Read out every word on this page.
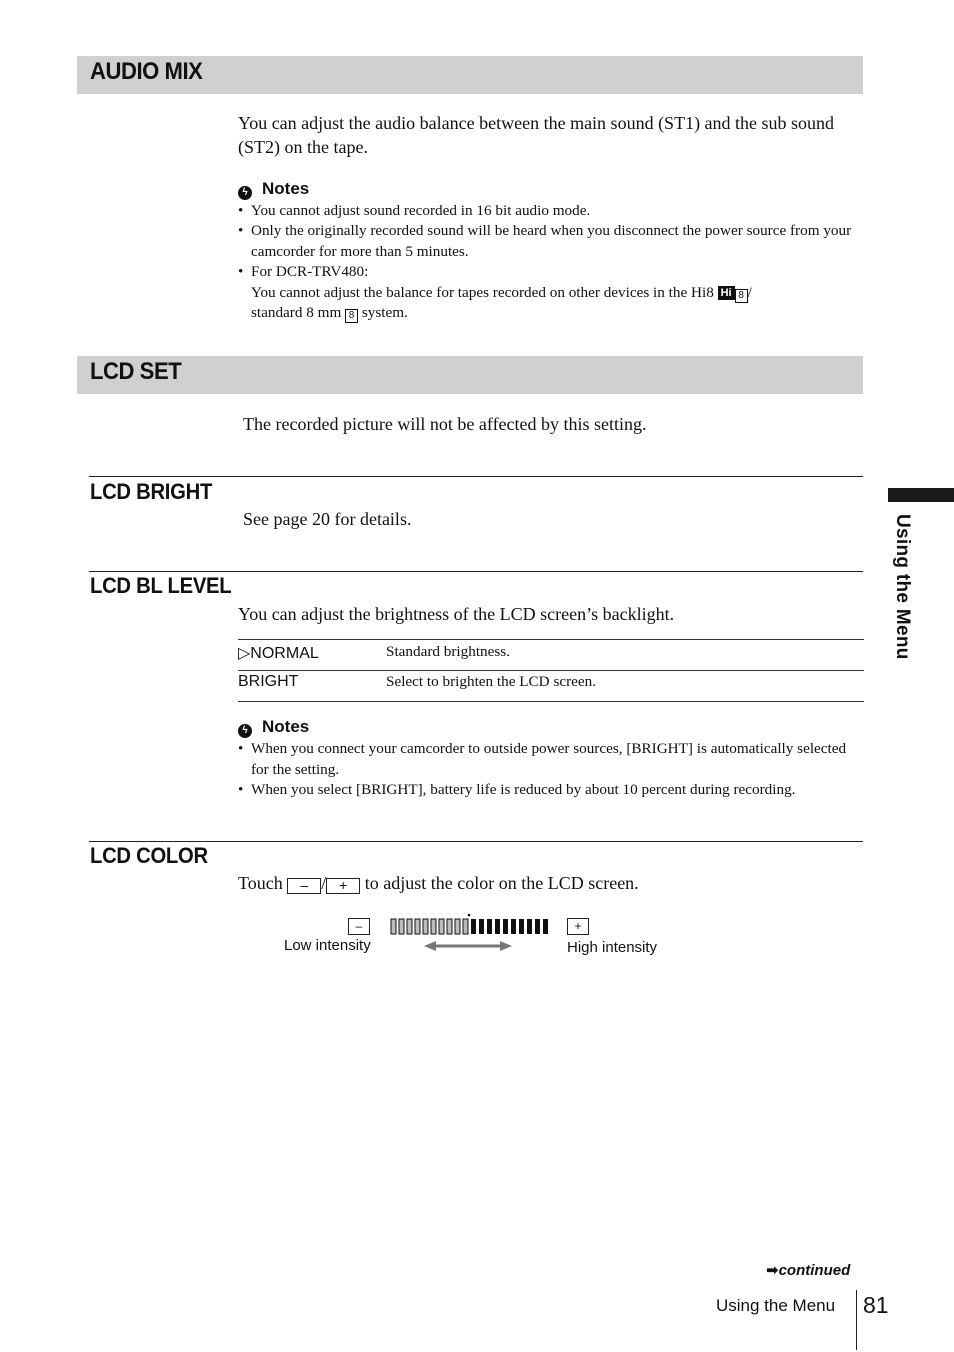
AUDIO MIX
You can adjust the audio balance between the main sound (ST1) and the sub sound (ST2) on the tape.
ϟ Notes
• You cannot adjust sound recorded in 16 bit audio mode.
• Only the originally recorded sound will be heard when you disconnect the power source from your camcorder for more than 5 minutes.
• For DCR-TRV480:
You cannot adjust the balance for tapes recorded on other devices in the Hi8 Hi 8 /
standard 8 mm 8 system.
LCD SET
The recorded picture will not be affected by this setting.
LCD BRIGHT
See page 20 for details.
LCD BL LEVEL
You can adjust the brightness of the LCD screen’s backlight.
▷NORMAL	Standard brightness.
BRIGHT	Select to brighten the LCD screen.
ϟ Notes
• When you connect your camcorder to outside power sources, [BRIGHT] is automatically selected for the setting.
• When you select [BRIGHT], battery life is reduced by about 10 percent during recording.
LCD COLOR
Touch – / + to adjust the color on the LCD screen.
–
Low intensity
+
High intensity
Using the Menu
➡continued
Using the Menu 81
